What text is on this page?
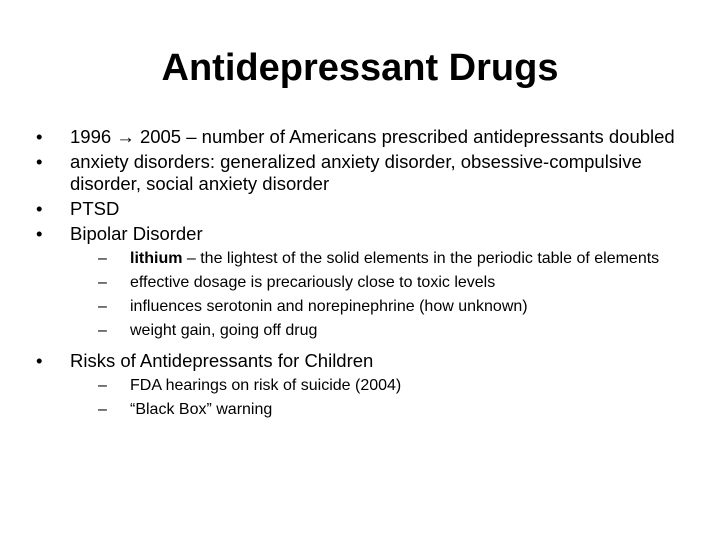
Antidepressant Drugs
•	1996 → 2005 – number of Americans prescribed antidepressants doubled
•	anxiety disorders: generalized anxiety disorder, obsessive-compulsive disorder, social anxiety disorder
•	PTSD
•	Bipolar Disorder
– lithium – the lightest of the solid elements in the periodic table of elements
– effective dosage is precariously close to toxic levels
– influences serotonin and norepinephrine (how unknown)
– weight gain, going off drug
•	Risks of Antidepressants for Children
– FDA hearings on risk of suicide (2004)
– “Black Box” warning
